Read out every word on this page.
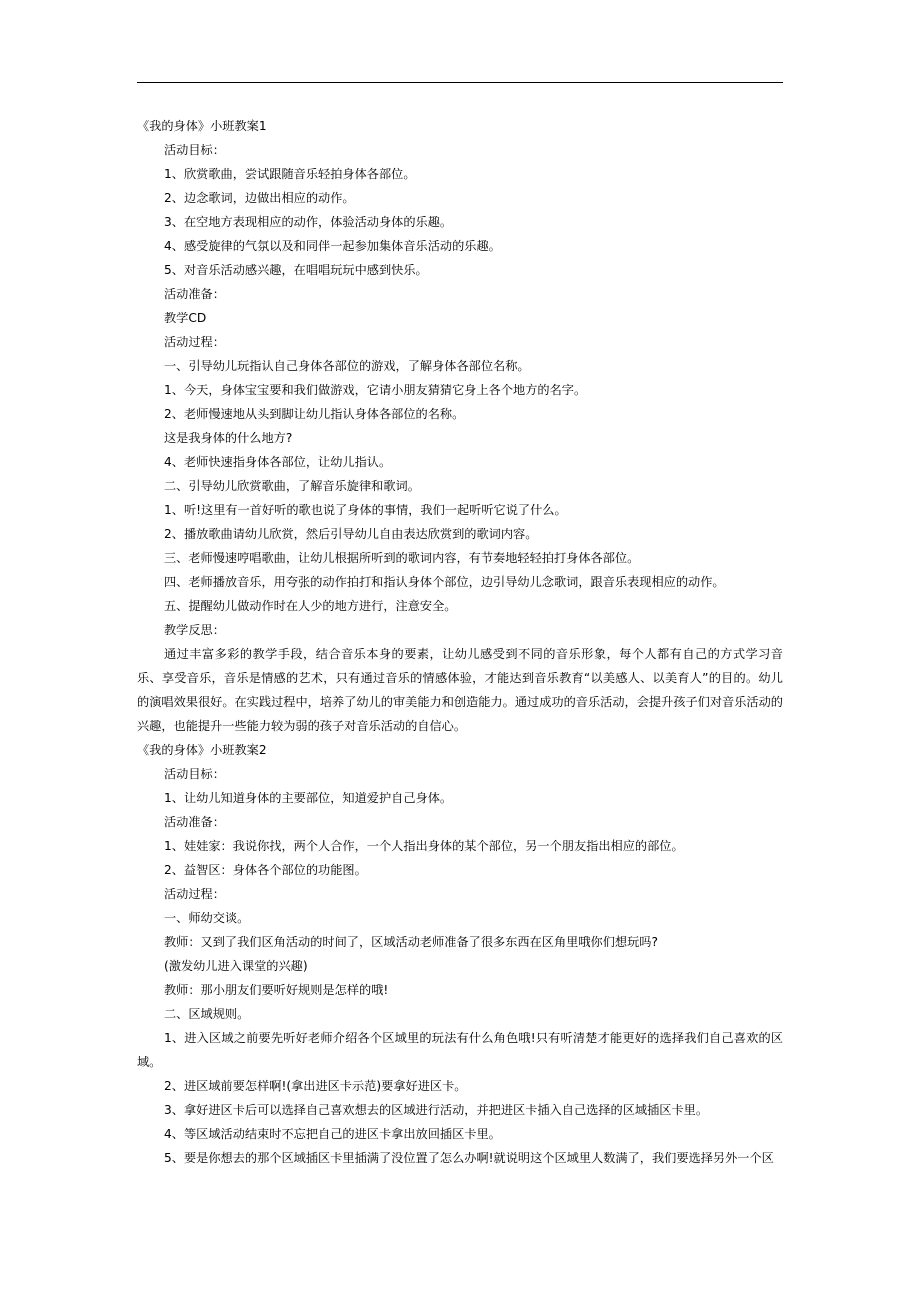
《我的身体》小班教案1
活动目标：
1、欣赏歌曲，尝试跟随音乐轻拍身体各部位。
2、边念歌词，边做出相应的动作。
3、在空地方表现相应的动作，体验活动身体的乐趣。
4、感受旋律的气氛以及和同伴一起参加集体音乐活动的乐趣。
5、对音乐活动感兴趣，在唱唱玩玩中感到快乐。
活动准备：
教学CD
活动过程：
一、引导幼儿玩指认自己身体各部位的游戏，了解身体各部位名称。
1、今天，身体宝宝要和我们做游戏，它请小朋友猜猜它身上各个地方的名字。
2、老师慢速地从头到脚让幼儿指认身体各部位的名称。
这是我身体的什么地方?
4、老师快速指身体各部位，让幼儿指认。
二、引导幼儿欣赏歌曲，了解音乐旋律和歌词。
1、听!这里有一首好听的歌也说了身体的事情，我们一起听听它说了什么。
2、播放歌曲请幼儿欣赏，然后引导幼儿自由表达欣赏到的歌词内容。
三、老师慢速哼唱歌曲，让幼儿根据所听到的歌词内容，有节奏地轻轻拍打身体各部位。
四、老师播放音乐，用夸张的动作拍打和指认身体个部位，边引导幼儿念歌词，跟音乐表现相应的动作。
五、提醒幼儿做动作时在人少的地方进行，注意安全。
教学反思：
通过丰富多彩的教学手段，结合音乐本身的要素，让幼儿感受到不同的音乐形象，每个人都有自己的方式学习音乐、享受音乐，音乐是情感的艺术，只有通过音乐的情感体验，才能达到音乐教育“以美感人、以美育人”的目的。幼儿的演唱效果很好。在实践过程中，培养了幼儿的审美能力和创造能力。通过成功的音乐活动，会提升孩子们对音乐活动的兴趣，也能提升一些能力较为弱的孩子对音乐活动的自信心。
《我的身体》小班教案2
活动目标：
1、让幼儿知道身体的主要部位，知道爱护自己身体。
活动准备：
1、娃娃家：我说你找，两个人合作，一个人指出身体的某个部位，另一个朋友指出相应的部位。
2、益智区：身体各个部位的功能图。
活动过程：
一、师幼交谈。
教师：又到了我们区角活动的时间了，区域活动老师准备了很多东西在区角里哦你们想玩吗?
(激发幼儿进入课堂的兴趣)
教师：那小朋友们要听好规则是怎样的哦!
二、区域规则。
1、进入区域之前要先听好老师介绍各个区域里的玩法有什么角色哦!只有听清楚才能更好的选择我们自己喜欢的区域。
2、进区域前要怎样啊!(拿出进区卡示范)要拿好进区卡。
3、拿好进区卡后可以选择自己喜欢想去的区域进行活动，并把进区卡插入自己选择的区域插区卡里。
4、等区域活动结束时不忘把自己的进区卡拿出放回插区卡里。
5、要是你想去的那个区域插区卡里插满了没位置了怎么办啊!就说明这个区域里人数满了，我们要选择另外一个区
